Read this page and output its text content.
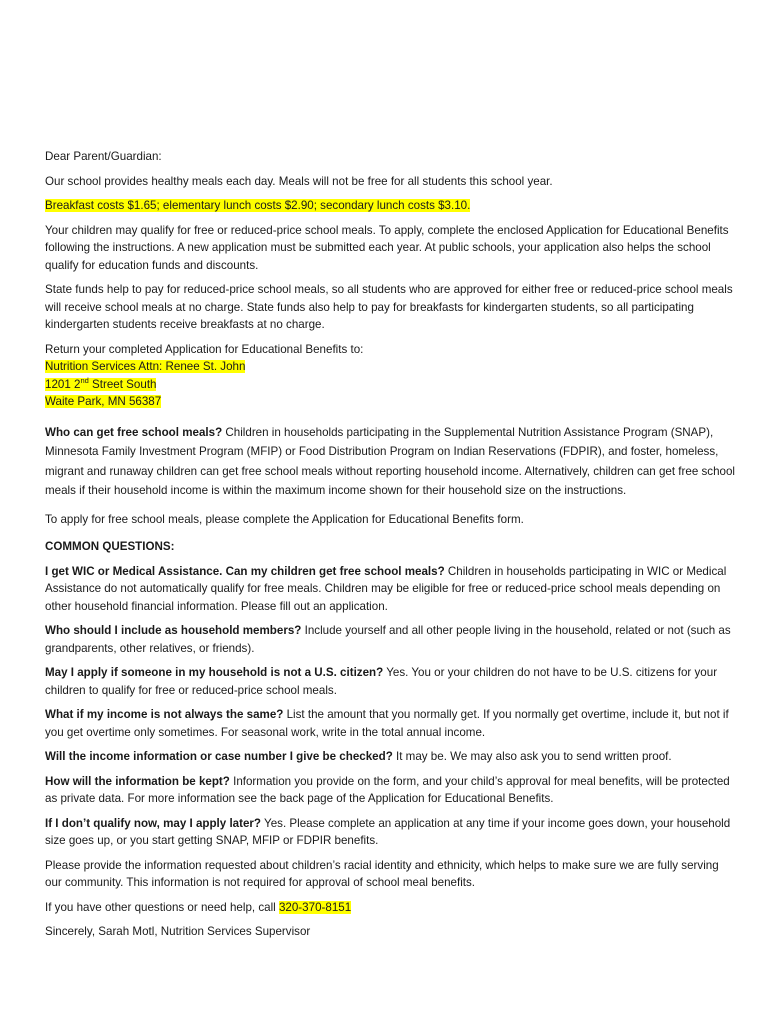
Dear Parent/Guardian:

Our school provides healthy meals each day. Meals will not be free for all students this school year.

Breakfast costs $1.65; elementary lunch costs $2.90; secondary lunch costs $3.10.

Your children may qualify for free or reduced-price school meals. To apply, complete the enclosed Application for Educational Benefits following the instructions. A new application must be submitted each year. At public schools, your application also helps the school qualify for education funds and discounts.

State funds help to pay for reduced-price school meals, so all students who are approved for either free or reduced-price school meals will receive school meals at no charge. State funds also help to pay for breakfasts for kindergarten students, so all participating kindergarten students receive breakfasts at no charge.

Return your completed Application for Educational Benefits to:

Nutrition Services Attn: Renee St. John
1201 2nd Street South
Waite Park, MN 56387

Who can get free school meals? Children in households participating in the Supplemental Nutrition Assistance Program (SNAP), Minnesota Family Investment Program (MFIP) or Food Distribution Program on Indian Reservations (FDPIR), and foster, homeless, migrant and runaway children can get free school meals without reporting household income. Alternatively, children can get free school meals if their household income is within the maximum income shown for their household size on the instructions.

To apply for free school meals, please complete the Application for Educational Benefits form.

COMMON QUESTIONS:

I get WIC or Medical Assistance. Can my children get free school meals? Children in households participating in WIC or Medical Assistance do not automatically qualify for free meals. Children may be eligible for free or reduced-price school meals depending on other household financial information. Please fill out an application.

Who should I include as household members? Include yourself and all other people living in the household, related or not (such as grandparents, other relatives, or friends).

May I apply if someone in my household is not a U.S. citizen? Yes. You or your children do not have to be U.S. citizens for your children to qualify for free or reduced-price school meals.

What if my income is not always the same? List the amount that you normally get. If you normally get overtime, include it, but not if you get overtime only sometimes. For seasonal work, write in the total annual income.

Will the income information or case number I give be checked? It may be. We may also ask you to send written proof.

How will the information be kept? Information you provide on the form, and your child’s approval for meal benefits, will be protected as private data. For more information see the back page of the Application for Educational Benefits.

If I don’t qualify now, may I apply later? Yes. Please complete an application at any time if your income goes down, your household size goes up, or you start getting SNAP, MFIP or FDPIR benefits.

Please provide the information requested about children’s racial identity and ethnicity, which helps to make sure we are fully serving our community. This information is not required for approval of school meal benefits.

If you have other questions or need help, call 320-370-8151

Sincerely, Sarah Motl, Nutrition Services Supervisor
